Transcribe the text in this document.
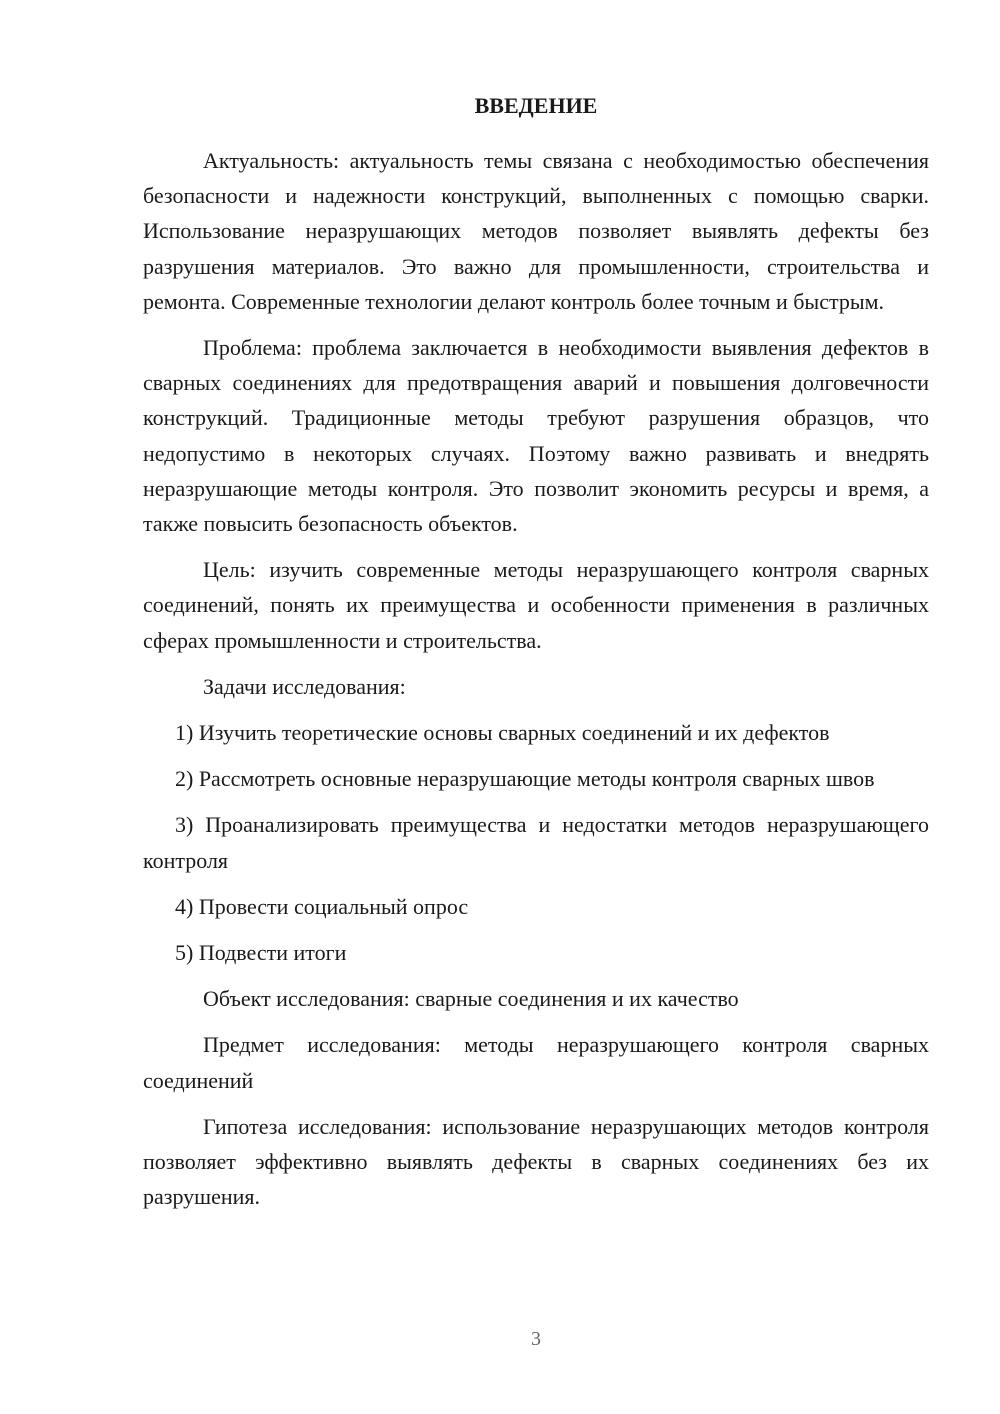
ВВЕДЕНИЕ

Актуальность: актуальность темы связана с необходимостью обеспечения безопасности и надежности конструкций, выполненных с помощью сварки. Использование неразрушающих методов позволяет выявлять дефекты без разрушения материалов. Это важно для промышленности, строительства и ремонта. Современные технологии делают контроль более точным и быстрым.

Проблема: проблема заключается в необходимости выявления дефектов в сварных соединениях для предотвращения аварий и повышения долговечности конструкций. Традиционные методы требуют разрушения образцов, что недопустимо в некоторых случаях. Поэтому важно развивать и внедрять неразрушающие методы контроля. Это позволит экономить ресурсы и время, а также повысить безопасность объектов.

Цель: изучить современные методы неразрушающего контроля сварных соединений, понять их преимущества и особенности применения в различных сферах промышленности и строительства.

Задачи исследования:

1) Изучить теоретические основы сварных соединений и их дефектов

2) Рассмотреть основные неразрушающие методы контроля сварных швов

3) Проанализировать преимущества и недостатки методов неразрушающего контроля

4) Провести социальный опрос

5) Подвести итоги

Объект исследования: сварные соединения и их качество

Предмет исследования: методы неразрушающего контроля сварных соединений

Гипотеза исследования: использование неразрушающих методов контроля позволяет эффективно выявлять дефекты в сварных соединениях без их разрушения.

3
